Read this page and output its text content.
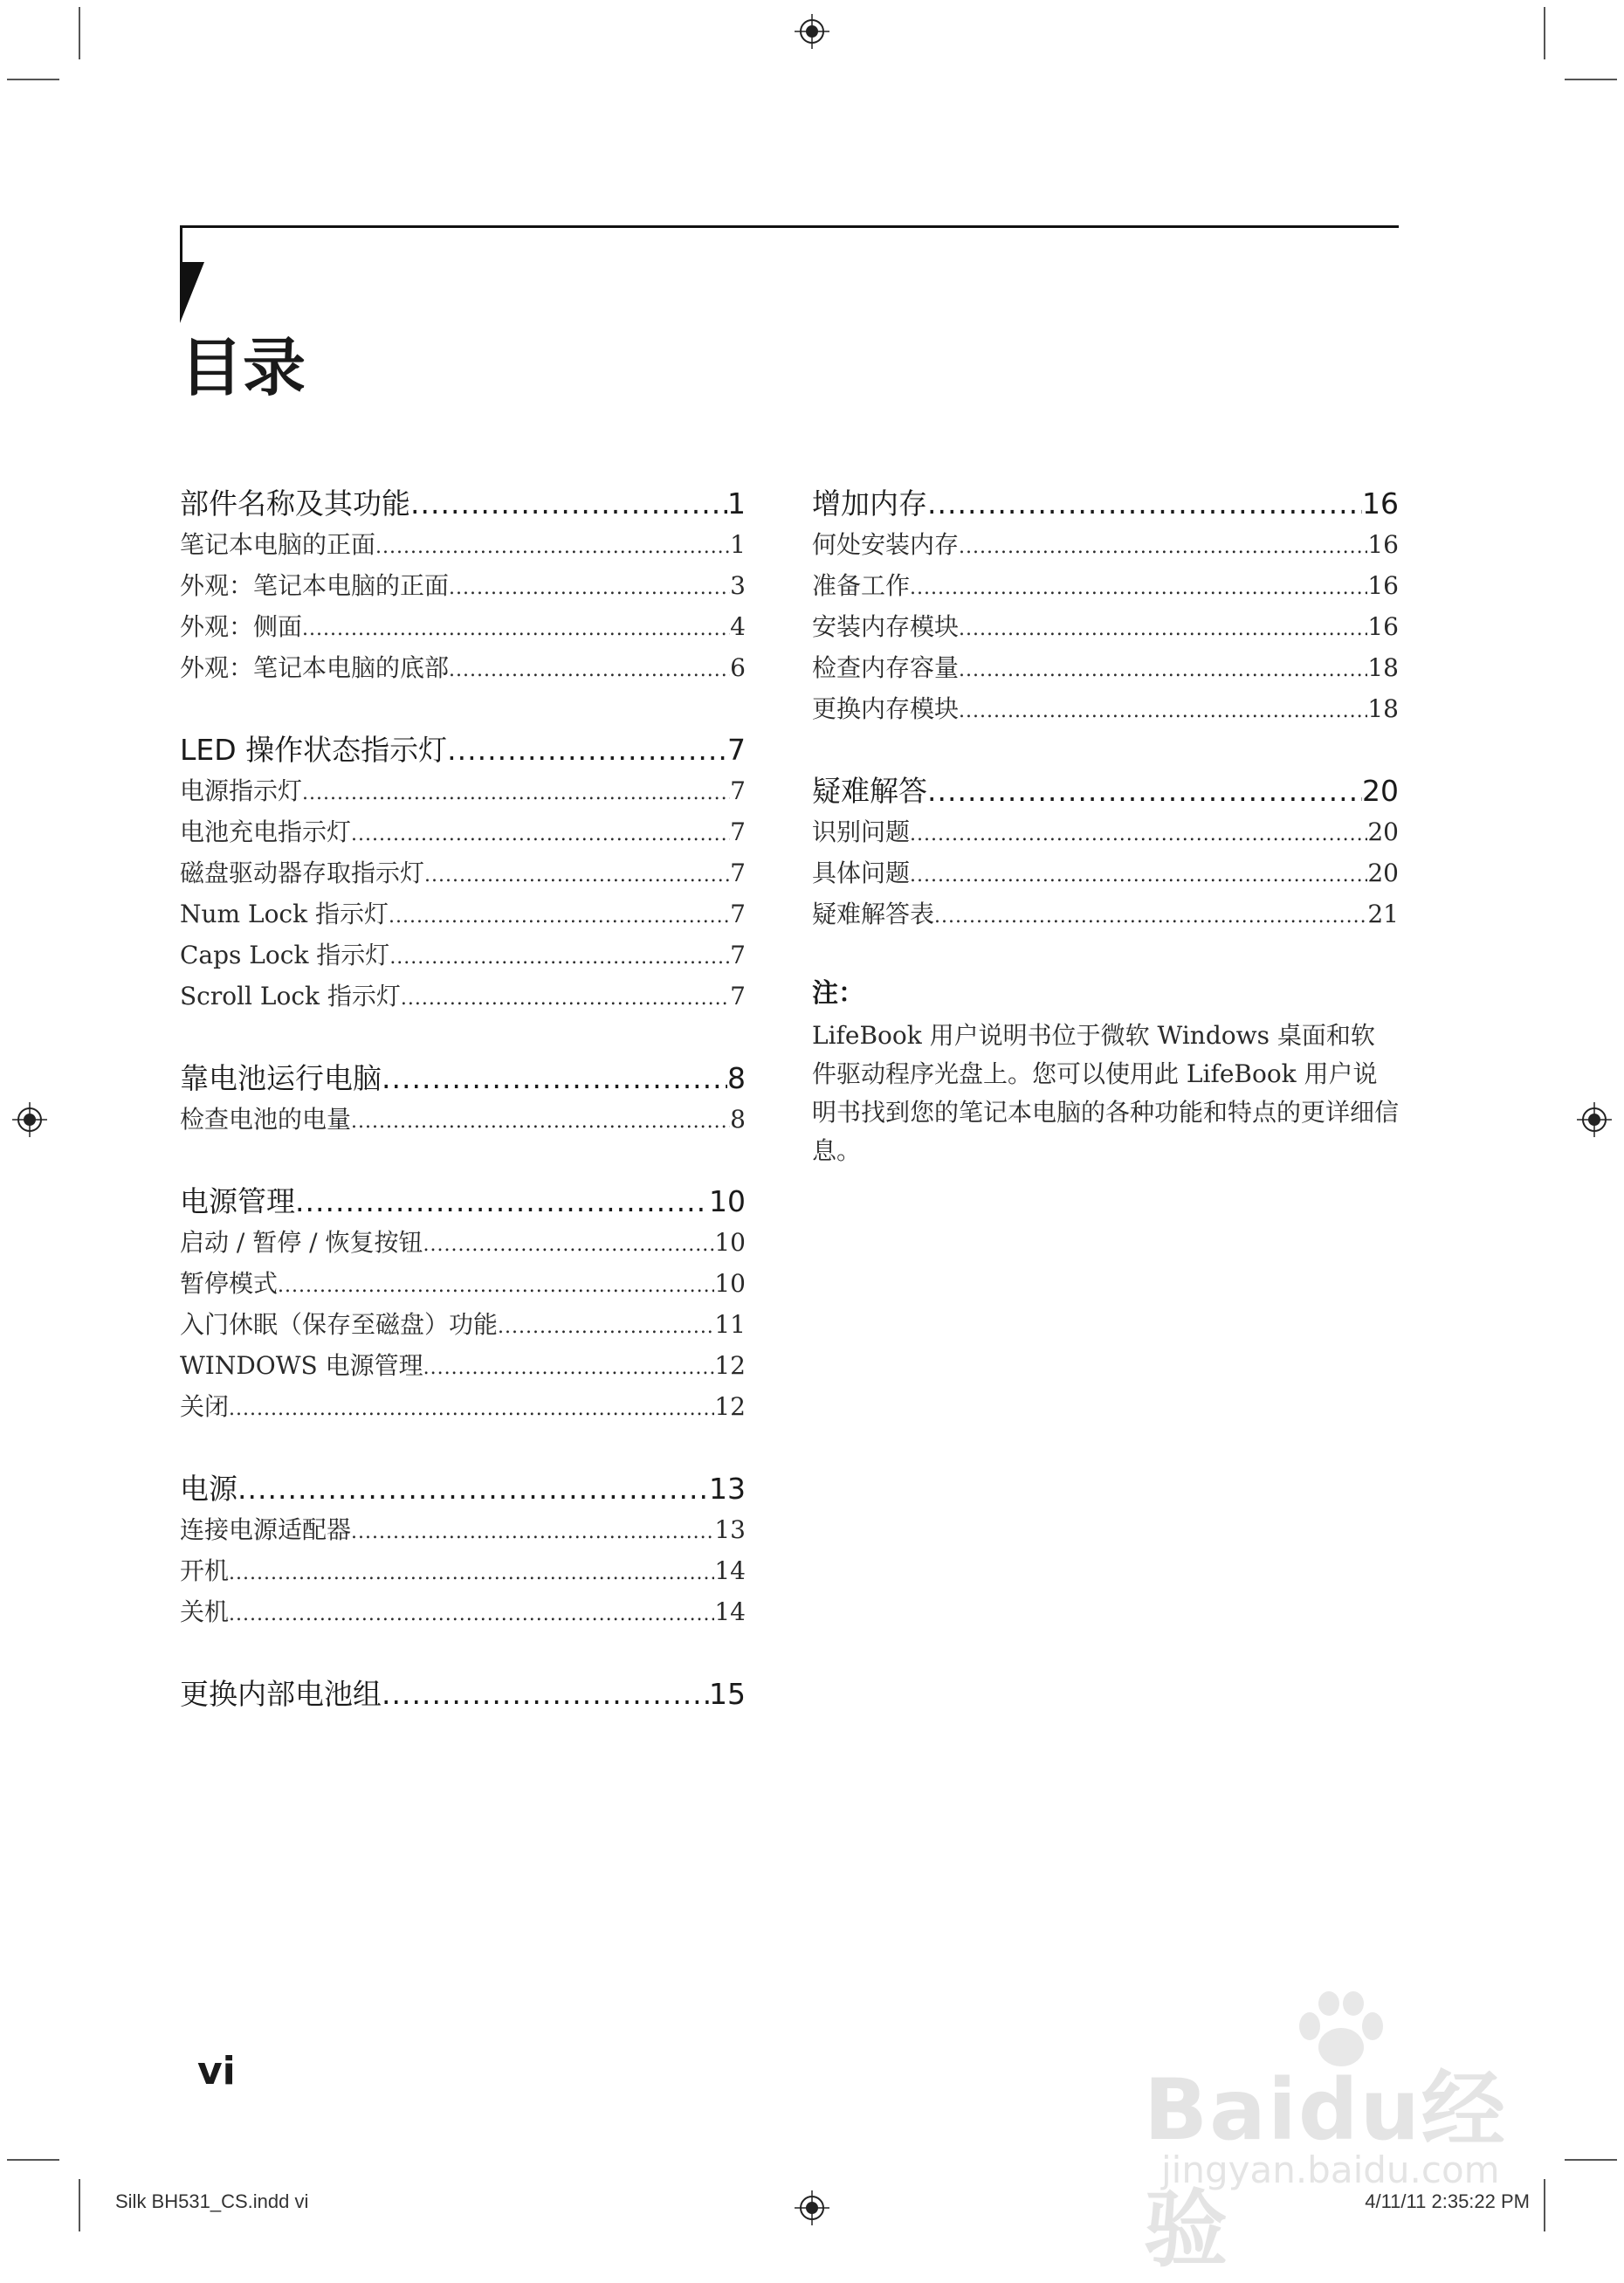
目录
部件名称及其功能 .....	1
笔记本电脑的正面 .....	1
外观：笔记本电脑的正面 .....	3
外观：侧面 .....	4
外观：笔记本电脑的底部 .....	6
LED 操作状态指示灯 .....	7
电源指示灯 .....	7
电池充电指示灯 .....	7
磁盘驱动器存取指示灯 .....	7
Num Lock 指示灯 .....	7
Caps Lock 指示灯 .....	7
Scroll Lock 指示灯 .....	7
靠电池运行电脑 .....	8
检查电池的电量 .....	8
电源管理 .....	10
启动 / 暂停 / 恢复按钮 .....	10
暂停模式 .....	10
入门休眠（保存至磁盘）功能 .....	11
WINDOWS 电源管理 .....	12
关闭 .....	12
电源 .....	13
连接电源适配器 .....	13
开机 .....	14
关机 .....	14
更换内部电池组 .....	15
增加内存 .....	16
何处安装内存 .....	16
准备工作 .....	16
安装内存模块 .....	16
检查内存容量 .....	18
更换内存模块 .....	18
疑难解答 .....	20
识别问题 .....	20
具体问题 .....	20
疑难解答表 .....	21

注：

LifeBook 用户说明书位于微软 Windows 桌面和软件驱动程序光盘上。您可以使用此 LifeBook 用户说明书找到您的笔记本电脑的各种功能和特点的更详细信息。

vi	Baidu经验
jingyan.baidu.com
Silk BH531_CS.indd vi	4/11/11 2:35:22 PM
